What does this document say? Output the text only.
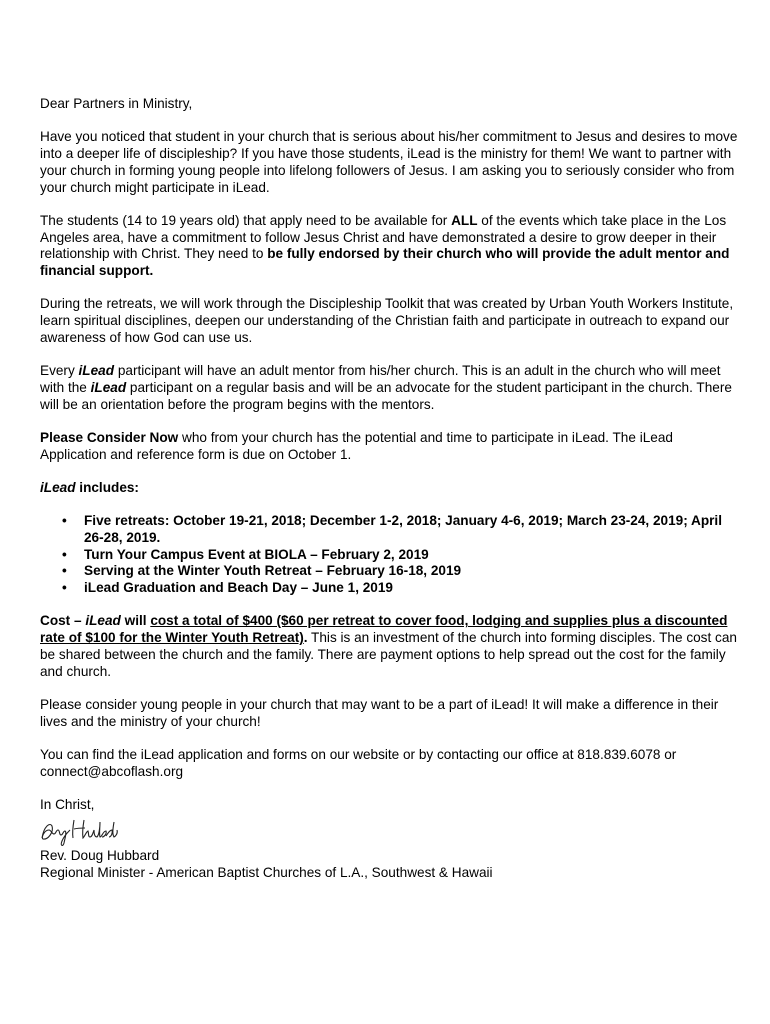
Dear Partners in Ministry,

Have you noticed that student in your church that is serious about his/her commitment to Jesus and desires to move into a deeper life of discipleship? If you have those students, iLead is the ministry for them! We want to partner with your church in forming young people into lifelong followers of Jesus. I am asking you to seriously consider who from your church might participate in iLead.

The students (14 to 19 years old) that apply need to be available for ALL of the events which take place in the Los Angeles area, have a commitment to follow Jesus Christ and have demonstrated a desire to grow deeper in their relationship with Christ. They need to be fully endorsed by their church who will provide the adult mentor and financial support.

During the retreats, we will work through the Discipleship Toolkit that was created by Urban Youth Workers Institute, learn spiritual disciplines, deepen our understanding of the Christian faith and participate in outreach to expand our awareness of how God can use us.

Every iLead participant will have an adult mentor from his/her church. This is an adult in the church who will meet with the iLead participant on a regular basis and will be an advocate for the student participant in the church. There will be an orientation before the program begins with the mentors.

Please Consider Now who from your church has the potential and time to participate in iLead. The iLead Application and reference form is due on October 1.

iLead includes:

• Five retreats: October 19-21, 2018; December 1-2, 2018; January 4-6, 2019; March 23-24, 2019; April 26-28, 2019.
• Turn Your Campus Event at BIOLA – February 2, 2019
• Serving at the Winter Youth Retreat – February 16-18, 2019
• iLead Graduation and Beach Day – June 1, 2019

Cost – iLead will cost a total of $400 ($60 per retreat to cover food, lodging and supplies plus a discounted rate of $100 for the Winter Youth Retreat). This is an investment of the church into forming disciples. The cost can be shared between the church and the family. There are payment options to help spread out the cost for the family and church.

Please consider young people in your church that may want to be a part of iLead! It will make a difference in their lives and the ministry of your church!

You can find the iLead application and forms on our website or by contacting our office at 818.839.6078 or connect@abcoflash.org

In Christ,

Rev. Doug Hubbard

Regional Minister - American Baptist Churches of L.A., Southwest & Hawaii
